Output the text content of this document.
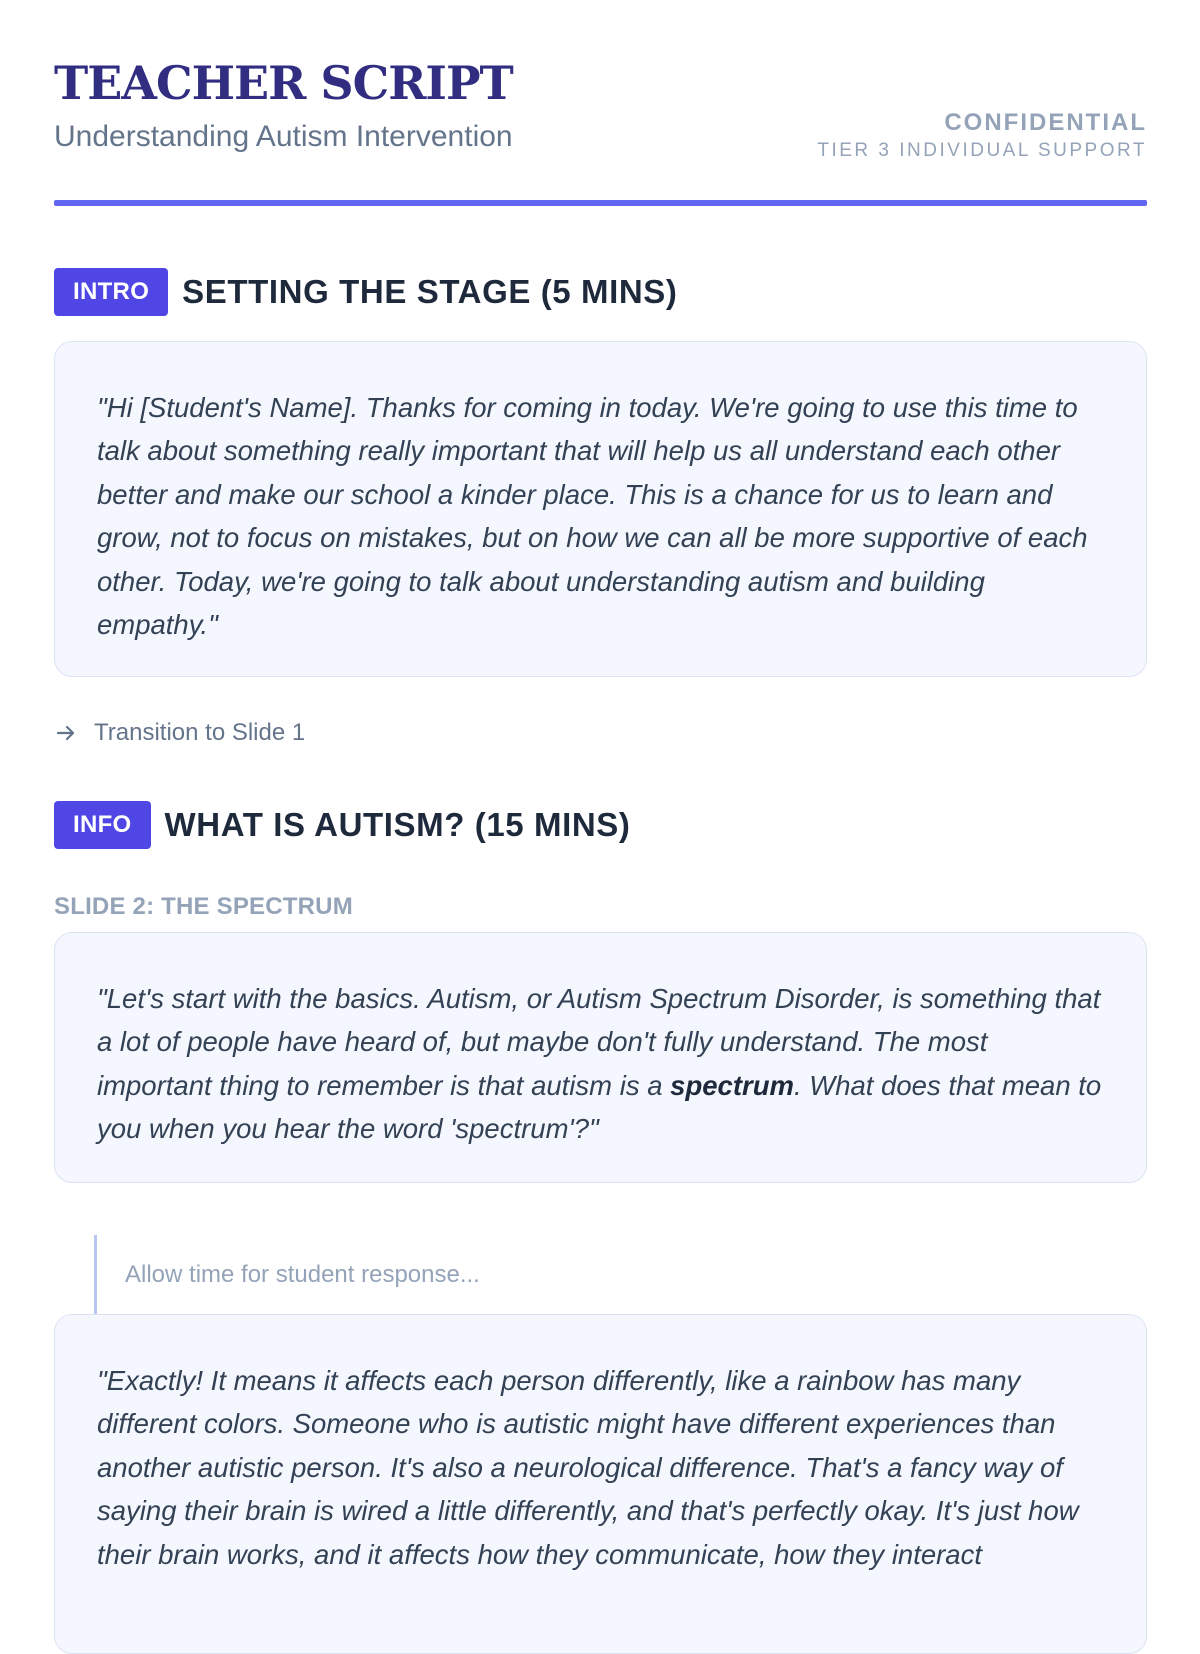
TEACHER SCRIPT
Understanding Autism Intervention	CONFIDENTIAL
TIER 3 INDIVIDUAL SUPPORT
INTRO	SETTING THE STAGE (5 MINS)

"Hi [Student's Name]. Thanks for coming in today. We're going to use this time to talk about something really important that will help us all understand each other better and make our school a kinder place. This is a chance for us to learn and grow, not to focus on mistakes, but on how we can all be more supportive of each other. Today, we're going to talk about understanding autism and building empathy."

Transition to Slide 1
INFO	WHAT IS AUTISM? (15 MINS)
SLIDE 2: THE SPECTRUM

"Let's start with the basics. Autism, or Autism Spectrum Disorder, is something that a lot of people have heard of, but maybe don't fully understand. The most important thing to remember is that autism is a spectrum. What does that mean to you when you hear the word 'spectrum'?"

Allow time for student response...

"Exactly! It means it affects each person differently, like a rainbow has many different colors. Someone who is autistic might have different experiences than another autistic person. It's also a neurological difference. That's a fancy way of saying their brain is wired a little differently, and that's perfectly okay. It's just how their brain works, and it affects how they communicate, how they interact
